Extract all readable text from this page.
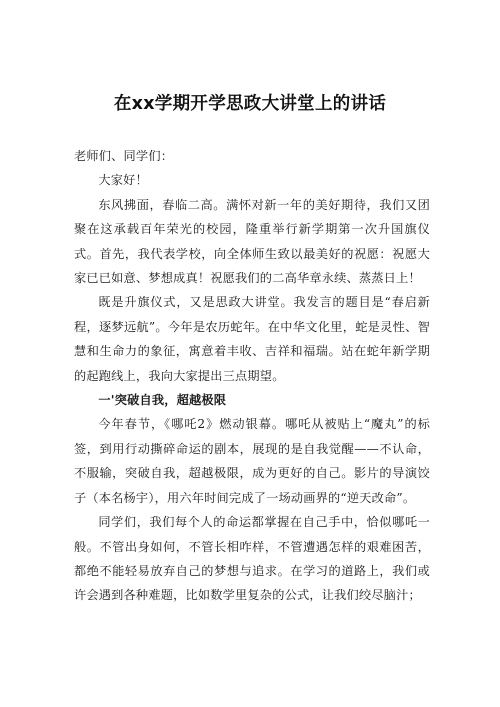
在xx学期开学思政大讲堂上的讲话

老师们、同学们：

大家好！

东风拂面，春临二高。满怀对新一年的美好期待，我们又团聚在这承载百年荣光的校园，隆重举行新学期第一次升国旗仪式。首先，我代表学校，向全体师生致以最美好的祝愿：祝愿大家已已如意、梦想成真！祝愿我们的二高华章永续、蒸蒸日上！

既是升旗仪式，又是思政大讲堂。我发言的题目是“春启新程，逐梦远航”。今年是农历蛇年。在中华文化里，蛇是灵性、智慧和生命力的象征，寓意着丰收、吉祥和福瑞。站在蛇年新学期的起跑线上，我向大家提出三点期望。

一'突破自我，超越极限

今年春节，《哪吒2》燃动银幕。哪吒从被贴上“魔丸”的标签，到用行动撕碎命运的剧本，展现的是自我觉醒——不认命，不服输，突破自我，超越极限，成为更好的自己。影片的导演饺子（本名杨宇），用六年时间完成了一场动画界的“逆天改命”。

同学们，我们每个人的命运都掌握在自己手中，恰似哪吒一般。不管出身如何，不管长相咋样，不管遭遇怎样的艰难困苦，都绝不能轻易放弃自己的梦想与追求。在学习的道路上，我们或许会遇到各种难题，比如数学里复杂的公式，让我们绞尽脑汁；
